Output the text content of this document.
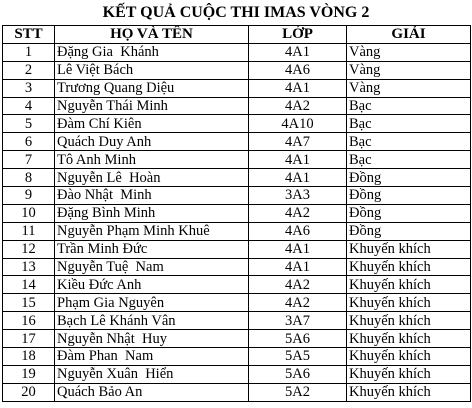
KẾT QUẢ CUỘC THI IMAS VÒNG 2
STT	HỌ VÀ TÊN	LỚP	GIẢI
1	Đặng Gia  Khánh	4A1	Vàng
2	Lê Việt Bách	4A6	Vàng
3	Trương Quang Diệu	4A1	Vàng
4	Nguyễn Thái Minh	4A2	Bạc
5	Đàm Chí Kiên	4A10	Bạc
6	Quách Duy Anh	4A7	Bạc
7	Tô Anh Minh	4A1	Bạc
8	Nguyễn Lê  Hoàn	4A1	Đồng
9	Đào Nhật  Minh	3A3	Đồng
10	Đặng Bình Minh	4A2	Đồng
11	Nguyễn Phạm Minh Khuê	4A6	Đồng
12	Trần Minh Đức	4A1	Khuyến khích
13	Nguyễn Tuệ  Nam	4A1	Khuyến khích
14	Kiều Đức Anh	4A2	Khuyến khích
15	Phạm Gia Nguyên	4A2	Khuyến khích
16	Bạch Lê Khánh Vân	3A7	Khuyến khích
17	Nguyễn Nhật  Huy	5A6	Khuyến khích
18	Đàm Phan  Nam	5A5	Khuyến khích
19	Nguyễn Xuân  Hiển	5A6	Khuyến khích
20	Quách Bảo An	5A2	Khuyến khích
